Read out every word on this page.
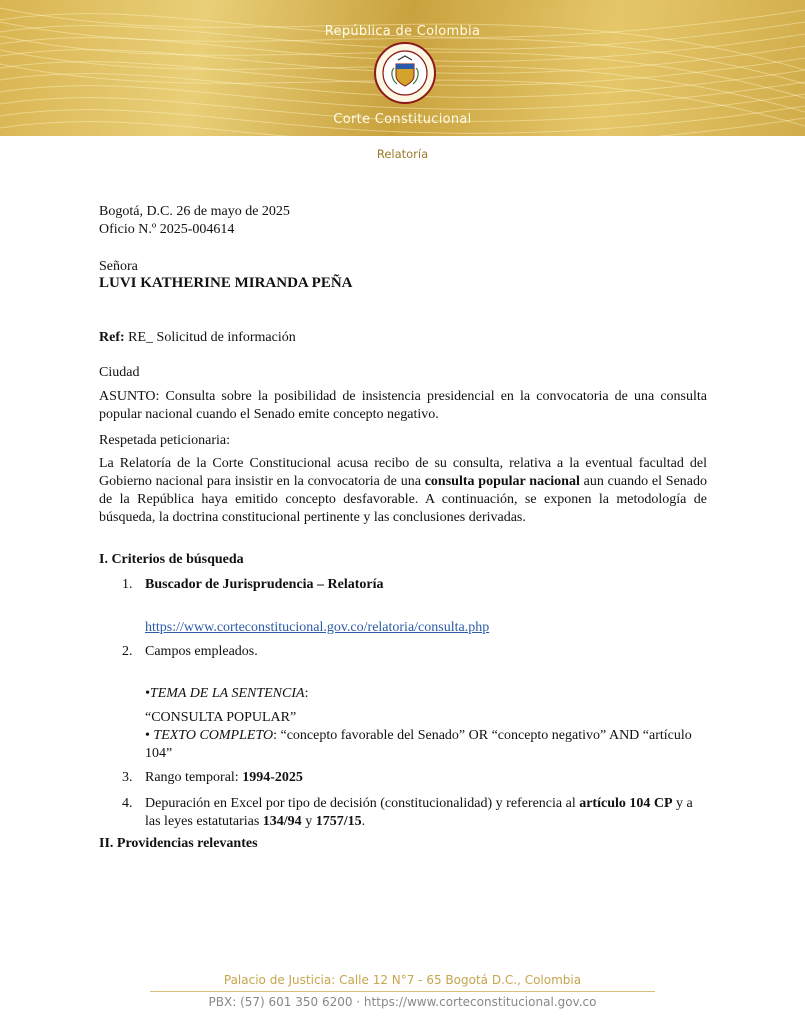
República de Colombia
Corte Constitucional
Relatoría

Bogotá, D.C. 26 de mayo de 2025

Oficio N.º 2025-004614

Señora

LUVI KATHERINE MIRANDA PEÑA

Ref: RE_ Solicitud de información

Ciudad

ASUNTO: Consulta sobre la posibilidad de insistencia presidencial en la convocatoria de una consulta popular nacional cuando el Senado emite concepto negativo.

Respetada peticionaria:

La Relatoría de la Corte Constitucional acusa recibo de su consulta, relativa a la eventual facultad del Gobierno nacional para insistir en la convocatoria de una consulta popular nacional aun cuando el Senado de la República haya emitido concepto desfavorable. A continuación, se exponen la metodología de búsqueda, la doctrina constitucional pertinente y las conclusiones derivadas.

I. Criterios de búsqueda

1. Buscador de Jurisprudencia – Relatoría

https://www.corteconstitucional.gov.co/relatoria/consulta.php
2. Campos empleados.

•TEMA DE LA SENTENCIA:

“CONSULTA POPULAR”

• TEXTO COMPLETO: “concepto favorable del Senado” OR “concepto negativo” AND “artículo 104”

3. Rango temporal: 1994-2025

4. Depuración en Excel por tipo de decisión (constitucionalidad) y referencia al artículo 104 CP y a las leyes estatutarias 134/94 y 1757/15.

II. Providencias relevantes

Palacio de Justicia: Calle 12 N°7 - 65 Bogotá D.C., Colombia
PBX: (57) 601 350 6200 · https://www.corteconstitucional.gov.co
